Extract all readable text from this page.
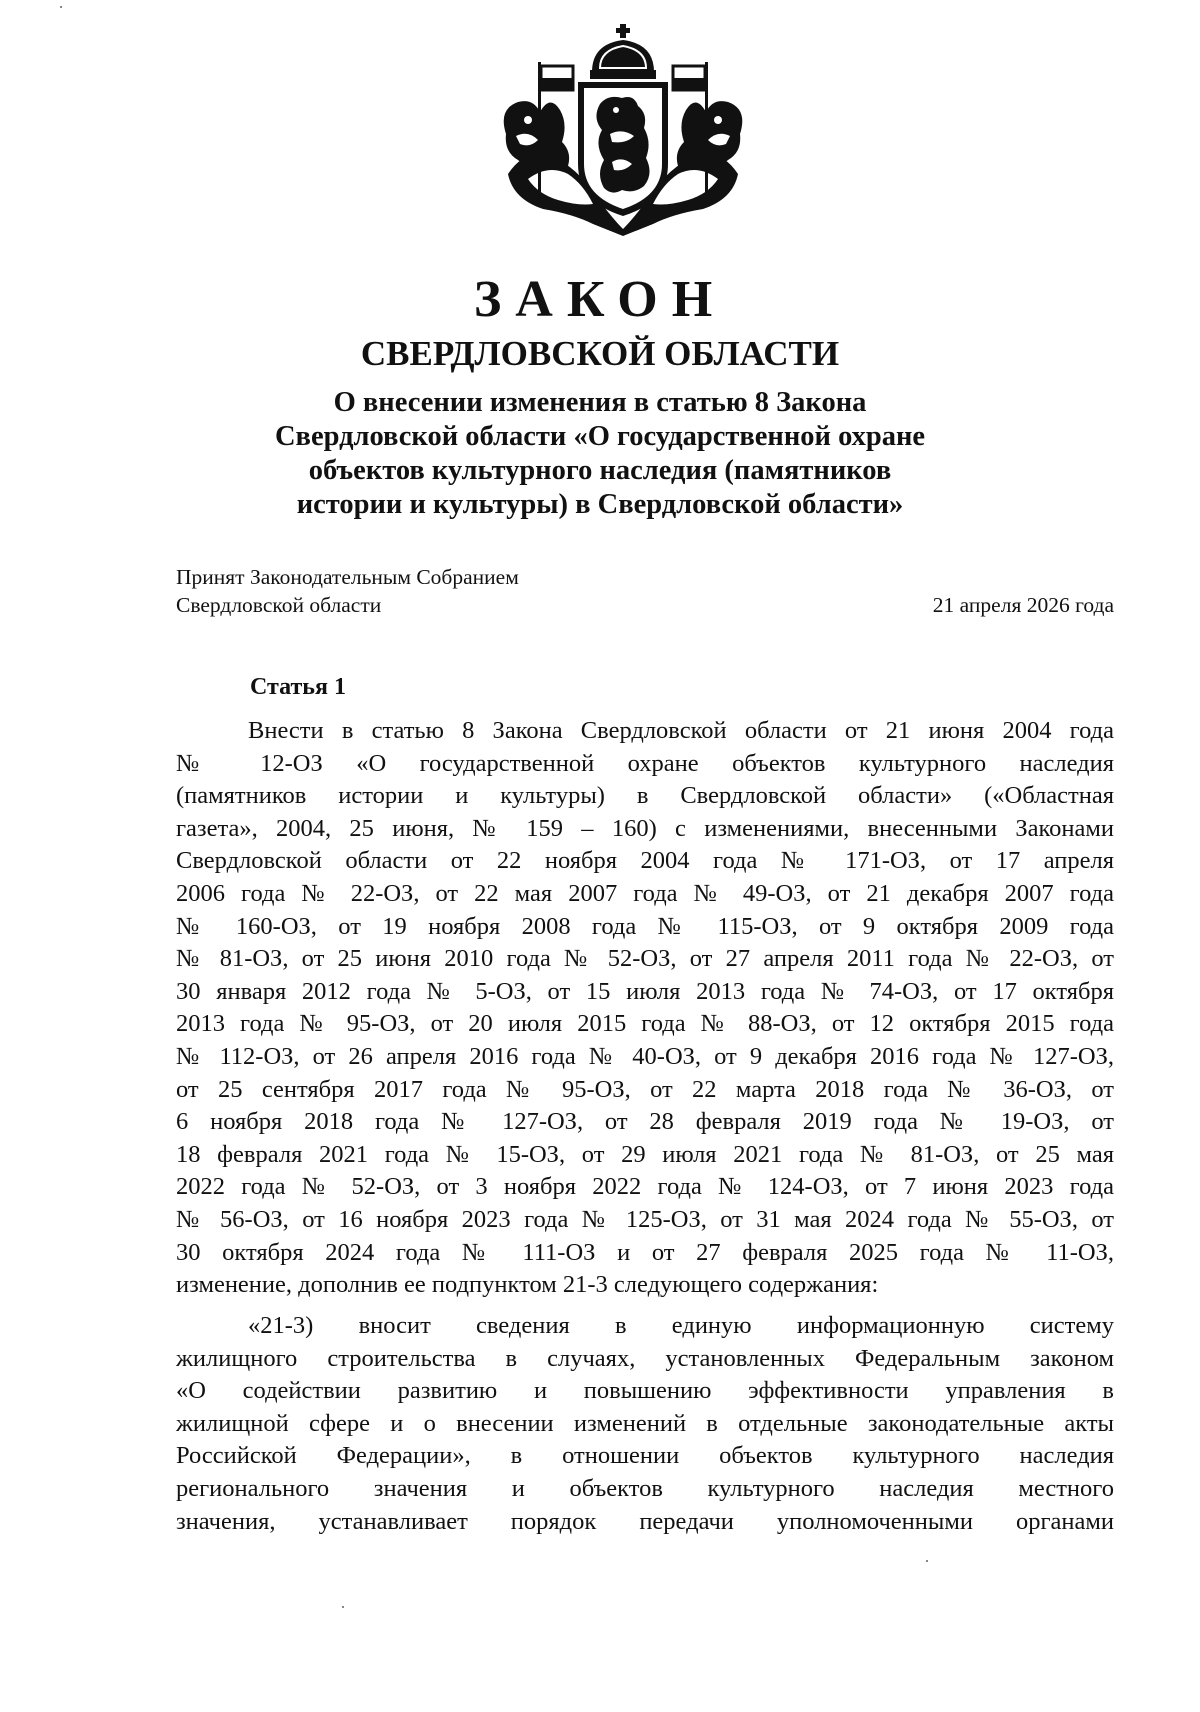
ЗАКОН
СВЕРДЛОВСКОЙ ОБЛАСТИ
О внесении изменения в статью 8 Закона
Свердловской области «О государственной охране
объектов культурного наследия (памятников
истории и культуры) в Свердловской области»
Принят Законодательным Собранием
Свердловской области	21 апреля 2026 года
Статья 1
Внести в статью 8 Закона Свердловской области от 21 июня 2004 года
№ 12-ОЗ «О государственной охране объектов культурного наследия
(памятников истории и культуры) в Свердловской области» («Областная
газета», 2004, 25 июня, № 159 – 160) с изменениями, внесенными Законами
Свердловской области от 22 ноября 2004 года № 171-ОЗ, от 17 апреля
2006 года № 22-ОЗ, от 22 мая 2007 года № 49-ОЗ, от 21 декабря 2007 года
№ 160-ОЗ, от 19 ноября 2008 года № 115-ОЗ, от 9 октября 2009 года
№ 81-ОЗ, от 25 июня 2010 года № 52-ОЗ, от 27 апреля 2011 года № 22-ОЗ, от
30 января 2012 года № 5-ОЗ, от 15 июля 2013 года № 74-ОЗ, от 17 октября
2013 года № 95-ОЗ, от 20 июля 2015 года № 88-ОЗ, от 12 октября 2015 года
№ 112-ОЗ, от 26 апреля 2016 года № 40-ОЗ, от 9 декабря 2016 года № 127-ОЗ,
от 25 сентября 2017 года № 95-ОЗ, от 22 марта 2018 года № 36-ОЗ, от
6 ноября 2018 года № 127-ОЗ, от 28 февраля 2019 года № 19-ОЗ, от
18 февраля 2021 года № 15-ОЗ, от 29 июля 2021 года № 81-ОЗ, от 25 мая
2022 года № 52-ОЗ, от 3 ноября 2022 года № 124-ОЗ, от 7 июня 2023 года
№ 56-ОЗ, от 16 ноября 2023 года № 125-ОЗ, от 31 мая 2024 года № 55-ОЗ, от
30 октября 2024 года № 111-ОЗ и от 27 февраля 2025 года № 11-ОЗ,
изменение, дополнив ее подпунктом 21-3 следующего содержания:
«21-3) вносит сведения в единую информационную систему
жилищного строительства в случаях, установленных Федеральным законом
«О содействии развитию и повышению эффективности управления в
жилищной сфере и о внесении изменений в отдельные законодательные акты
Российской Федерации», в отношении объектов культурного наследия
регионального значения и объектов культурного наследия местного
значения, устанавливает порядок передачи уполномоченными органами
